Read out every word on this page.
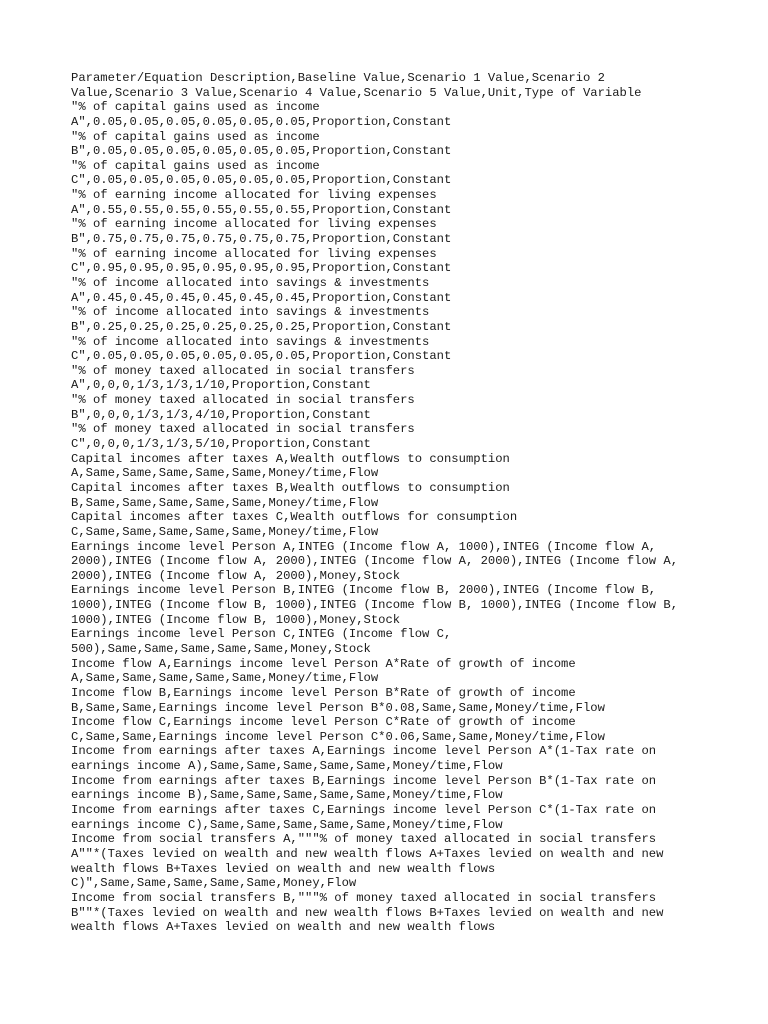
Parameter/Equation Description,Baseline Value,Scenario 1 Value,Scenario 2
Value,Scenario 3 Value,Scenario 4 Value,Scenario 5 Value,Unit,Type of Variable
"% of capital gains used as income
A",0.05,0.05,0.05,0.05,0.05,0.05,Proportion,Constant
"% of capital gains used as income
B",0.05,0.05,0.05,0.05,0.05,0.05,Proportion,Constant
"% of capital gains used as income
C",0.05,0.05,0.05,0.05,0.05,0.05,Proportion,Constant
"% of earning income allocated for living expenses
A",0.55,0.55,0.55,0.55,0.55,0.55,Proportion,Constant
"% of earning income allocated for living expenses
B",0.75,0.75,0.75,0.75,0.75,0.75,Proportion,Constant
"% of earning income allocated for living expenses
C",0.95,0.95,0.95,0.95,0.95,0.95,Proportion,Constant
"% of income allocated into savings & investments
A",0.45,0.45,0.45,0.45,0.45,0.45,Proportion,Constant
"% of income allocated into savings & investments
B",0.25,0.25,0.25,0.25,0.25,0.25,Proportion,Constant
"% of income allocated into savings & investments
C",0.05,0.05,0.05,0.05,0.05,0.05,Proportion,Constant
"% of money taxed allocated in social transfers
A",0,0,0,1/3,1/3,1/10,Proportion,Constant
"% of money taxed allocated in social transfers
B",0,0,0,1/3,1/3,4/10,Proportion,Constant
"% of money taxed allocated in social transfers
C",0,0,0,1/3,1/3,5/10,Proportion,Constant
Capital incomes after taxes A,Wealth outflows to consumption
A,Same,Same,Same,Same,Same,Money/time,Flow
Capital incomes after taxes B,Wealth outflows to consumption
B,Same,Same,Same,Same,Same,Money/time,Flow
Capital incomes after taxes C,Wealth outflows for consumption
C,Same,Same,Same,Same,Same,Money/time,Flow
Earnings income level Person A,INTEG (Income flow A, 1000),INTEG (Income flow A,
2000),INTEG (Income flow A, 2000),INTEG (Income flow A, 2000),INTEG (Income flow A,
2000),INTEG (Income flow A, 2000),Money,Stock
Earnings income level Person B,INTEG (Income flow B, 2000),INTEG (Income flow B,
1000),INTEG (Income flow B, 1000),INTEG (Income flow B, 1000),INTEG (Income flow B,
1000),INTEG (Income flow B, 1000),Money,Stock
Earnings income level Person C,INTEG (Income flow C,
500),Same,Same,Same,Same,Same,Money,Stock
Income flow A,Earnings income level Person A*Rate of growth of income
A,Same,Same,Same,Same,Same,Money/time,Flow
Income flow B,Earnings income level Person B*Rate of growth of income
B,Same,Same,Earnings income level Person B*0.08,Same,Same,Money/time,Flow
Income flow C,Earnings income level Person C*Rate of growth of income
C,Same,Same,Earnings income level Person C*0.06,Same,Same,Money/time,Flow
Income from earnings after taxes A,Earnings income level Person A*(1-Tax rate on
earnings income A),Same,Same,Same,Same,Same,Money/time,Flow
Income from earnings after taxes B,Earnings income level Person B*(1-Tax rate on
earnings income B),Same,Same,Same,Same,Same,Money/time,Flow
Income from earnings after taxes C,Earnings income level Person C*(1-Tax rate on
earnings income C),Same,Same,Same,Same,Same,Money/time,Flow
Income from social transfers A,"""% of money taxed allocated in social transfers
A""*(Taxes levied on wealth and new wealth flows A+Taxes levied on wealth and new
wealth flows B+Taxes levied on wealth and new wealth flows
C)",Same,Same,Same,Same,Same,Money,Flow
Income from social transfers B,"""% of money taxed allocated in social transfers
B""*(Taxes levied on wealth and new wealth flows B+Taxes levied on wealth and new
wealth flows A+Taxes levied on wealth and new wealth flows
